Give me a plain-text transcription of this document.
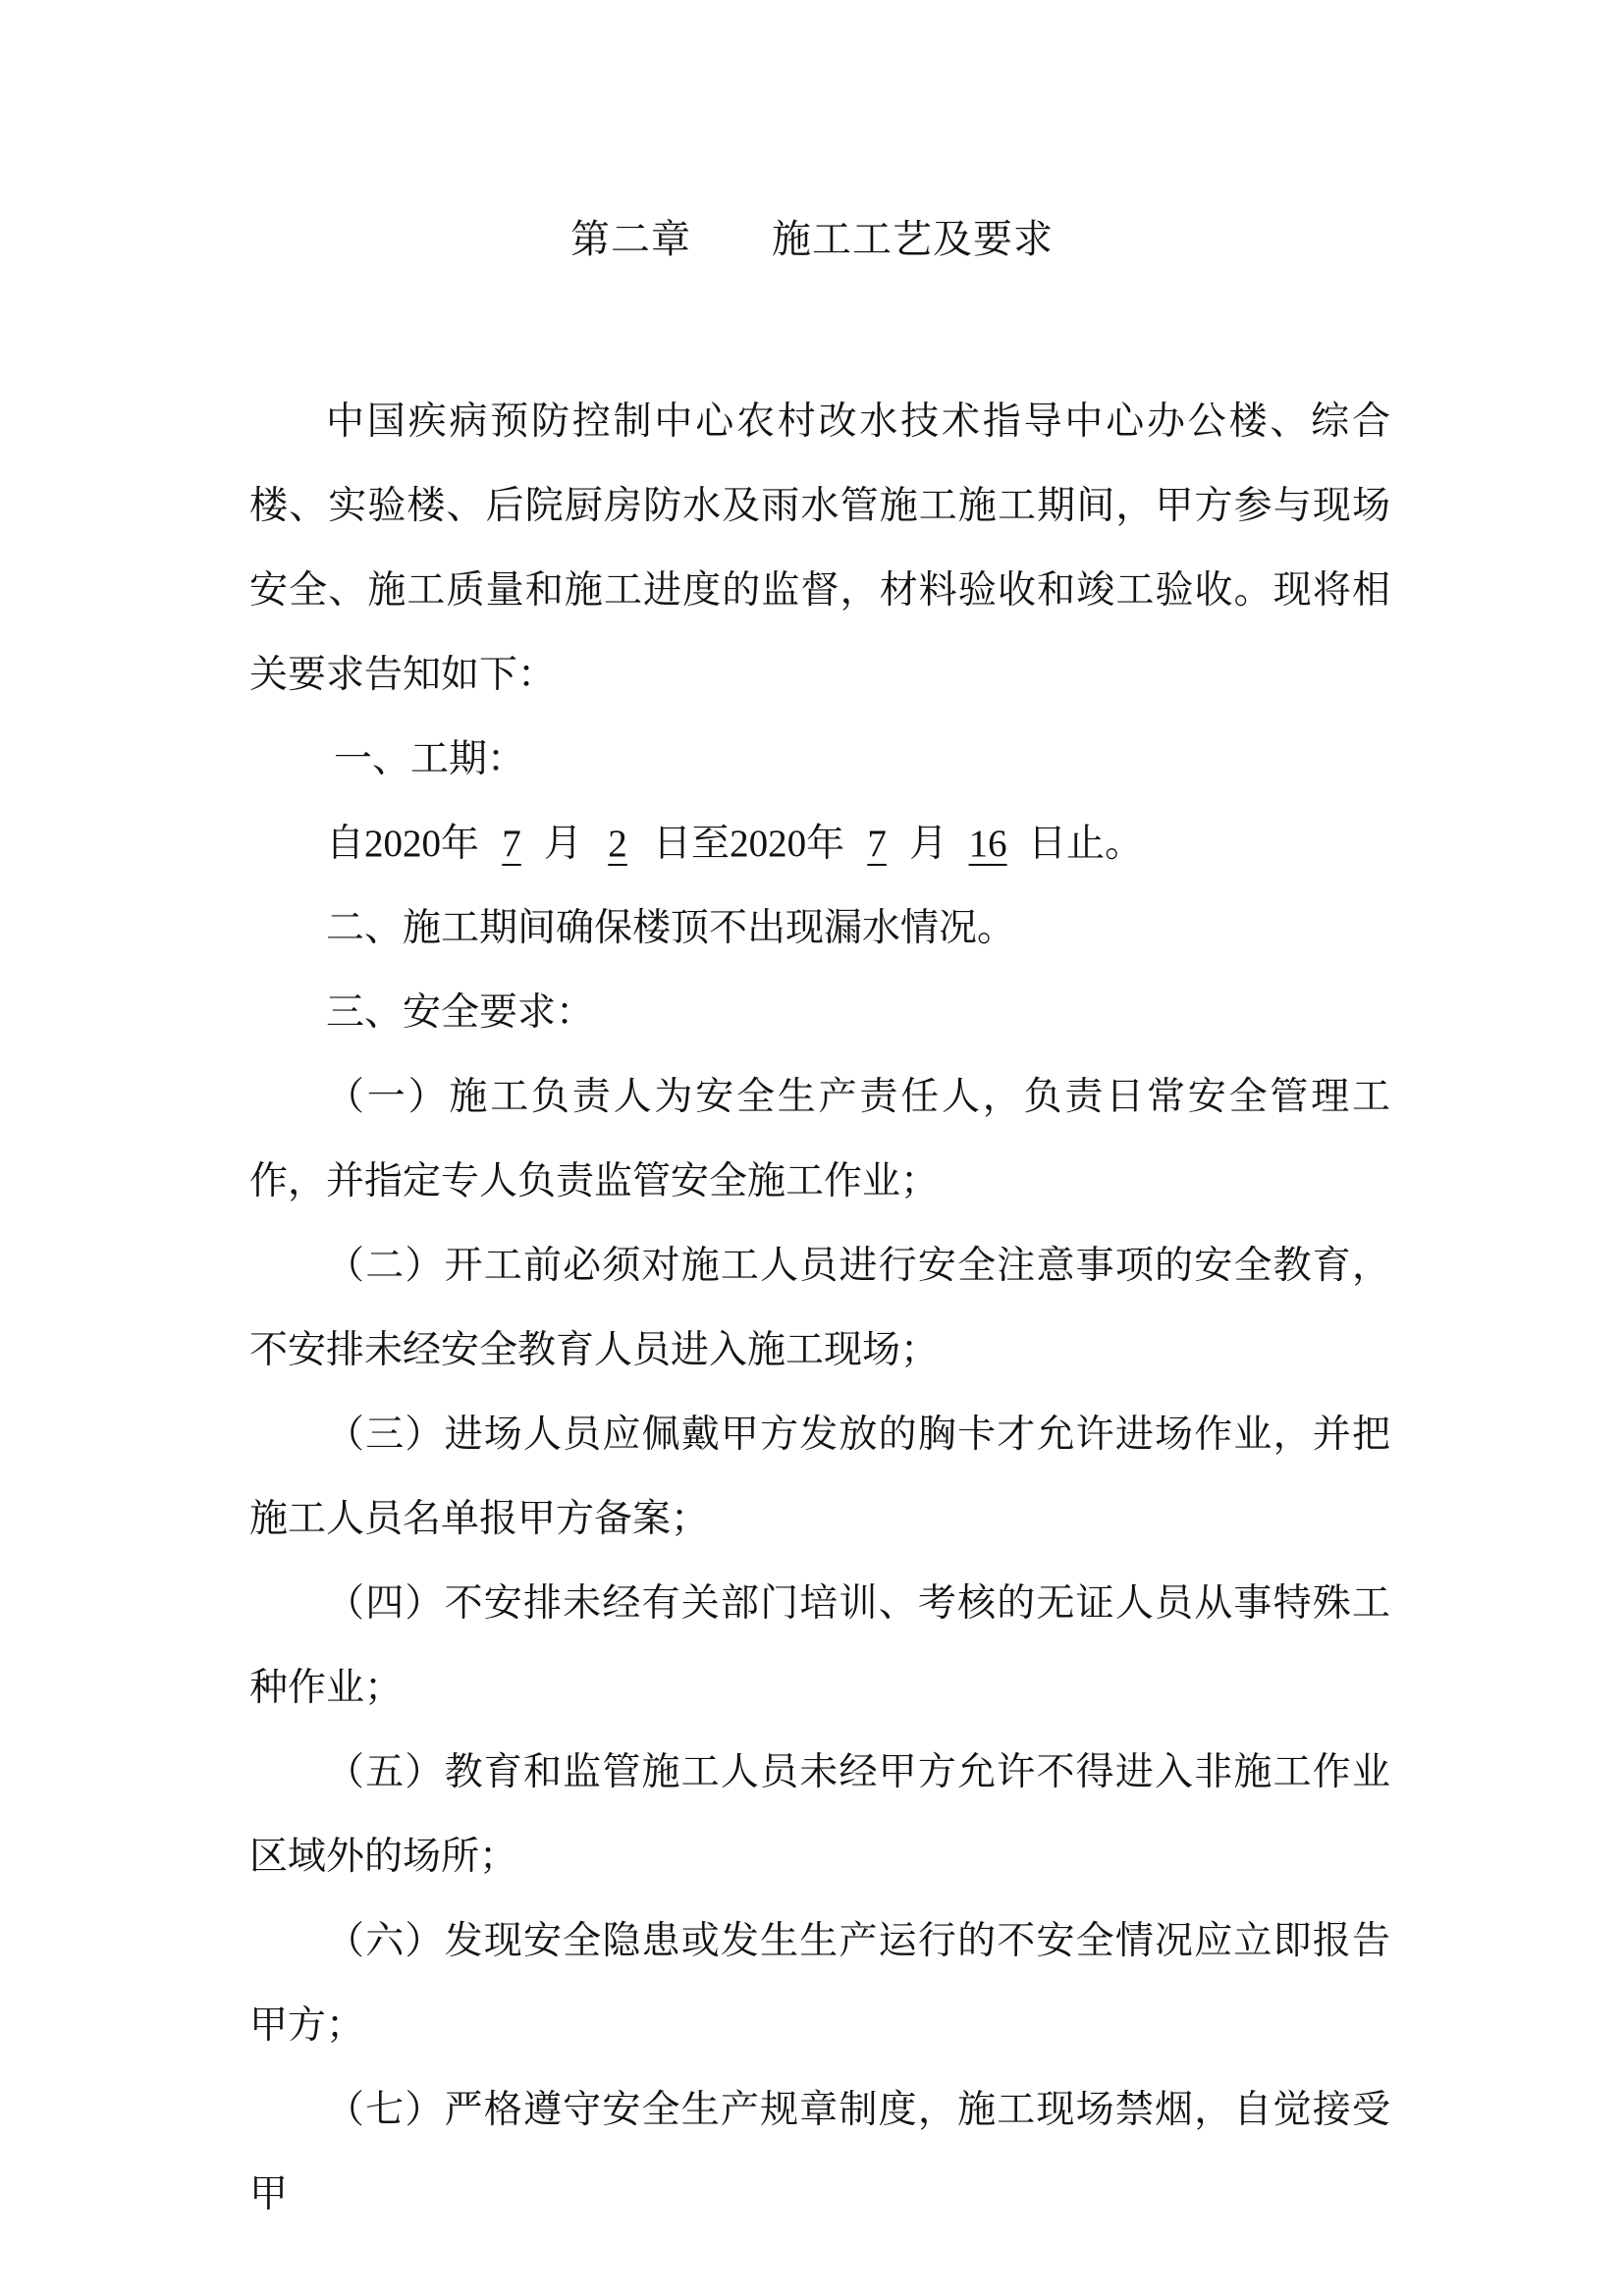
第二章　　施工工艺及要求

中国疾病预防控制中心农村改水技术指导中心办公楼、综合楼、实验楼、后院厨房防水及雨水管施工施工期间，甲方参与现场安全、施工质量和施工进度的监督，材料验收和竣工验收。现将相关要求告知如下：

一、工期：

自2020年 7 月 2 日至2020年 7 月 16 日止。

二、施工期间确保楼顶不出现漏水情况。

三、安全要求：

（一）施工负责人为安全生产责任人，负责日常安全管理工作，并指定专人负责监管安全施工作业；

（二）开工前必须对施工人员进行安全注意事项的安全教育，不安排未经安全教育人员进入施工现场；

（三）进场人员应佩戴甲方发放的胸卡才允许进场作业，并把施工人员名单报甲方备案；

（四）不安排未经有关部门培训、考核的无证人员从事特殊工种作业；

（五）教育和监管施工人员未经甲方允许不得进入非施工作业区域外的场所；

（六）发现安全隐患或发生生产运行的不安全情况应立即报告甲方；

（七）严格遵守安全生产规章制度，施工现场禁烟，自觉接受甲
